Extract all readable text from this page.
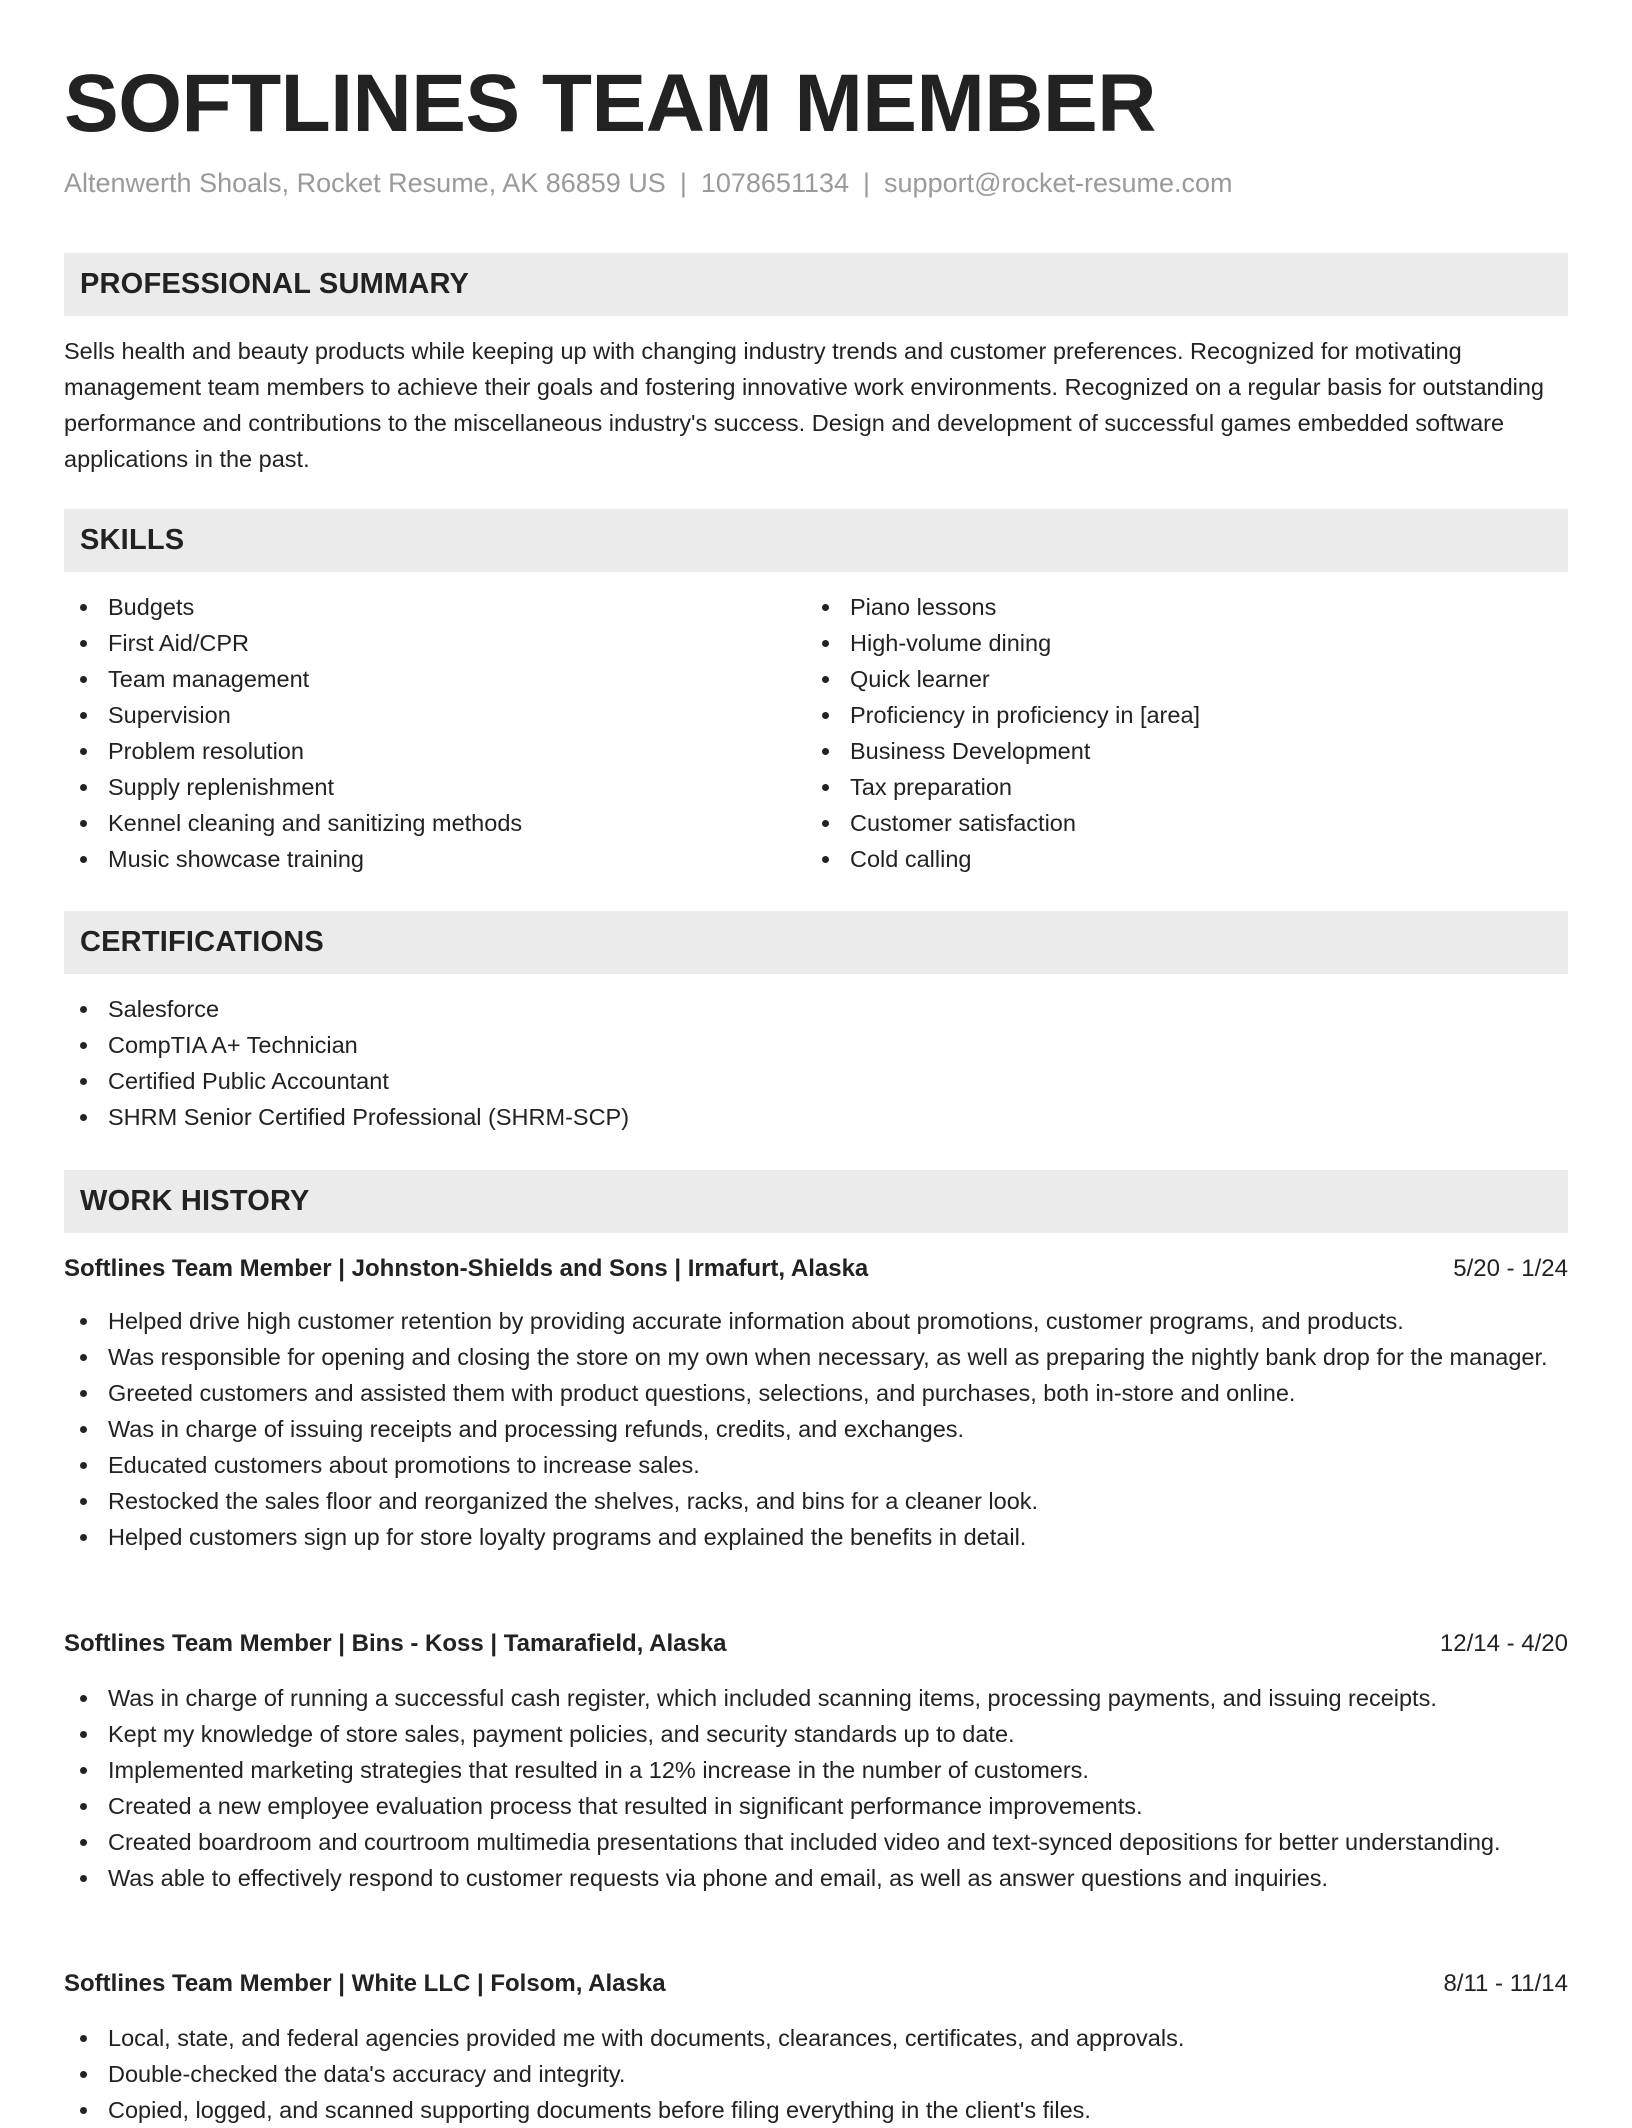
SOFTLINES TEAM MEMBER
Altenwerth Shoals, Rocket Resume, AK 86859 US | 1078651134 | support@rocket-resume.com
PROFESSIONAL SUMMARY

Sells health and beauty products while keeping up with changing industry trends and customer preferences. Recognized for motivating management team members to achieve their goals and fostering innovative work environments. Recognized on a regular basis for outstanding performance and contributions to the miscellaneous industry's success. Design and development of successful games embedded software applications in the past.

SKILLS
Budgets
First Aid/CPR
Team management
Supervision
Problem resolution
Supply replenishment
Kennel cleaning and sanitizing methods
Music showcase training
Piano lessons
High-volume dining
Quick learner
Proficiency in proficiency in [area]
Business Development
Tax preparation
Customer satisfaction
Cold calling
CERTIFICATIONS
Salesforce
CompTIA A+ Technician
Certified Public Accountant
SHRM Senior Certified Professional (SHRM-SCP)
WORK HISTORY
Softlines Team Member | Johnston-Shields and Sons | Irmafurt, Alaska	5/20 - 1/24
Helped drive high customer retention by providing accurate information about promotions, customer programs, and products.
Was responsible for opening and closing the store on my own when necessary, as well as preparing the nightly bank drop for the manager.
Greeted customers and assisted them with product questions, selections, and purchases, both in-store and online.
Was in charge of issuing receipts and processing refunds, credits, and exchanges.
Educated customers about promotions to increase sales.
Restocked the sales floor and reorganized the shelves, racks, and bins for a cleaner look.
Helped customers sign up for store loyalty programs and explained the benefits in detail.
Softlines Team Member | Bins - Koss | Tamarafield, Alaska	12/14 - 4/20
Was in charge of running a successful cash register, which included scanning items, processing payments, and issuing receipts.
Kept my knowledge of store sales, payment policies, and security standards up to date.
Implemented marketing strategies that resulted in a 12% increase in the number of customers.
Created a new employee evaluation process that resulted in significant performance improvements.
Created boardroom and courtroom multimedia presentations that included video and text-synced depositions for better understanding.
Was able to effectively respond to customer requests via phone and email, as well as answer questions and inquiries.
Softlines Team Member | White LLC | Folsom, Alaska	8/11 - 11/14
Local, state, and federal agencies provided me with documents, clearances, certificates, and approvals.
Double-checked the data's accuracy and integrity.
Copied, logged, and scanned supporting documents before filing everything in the client's files.
